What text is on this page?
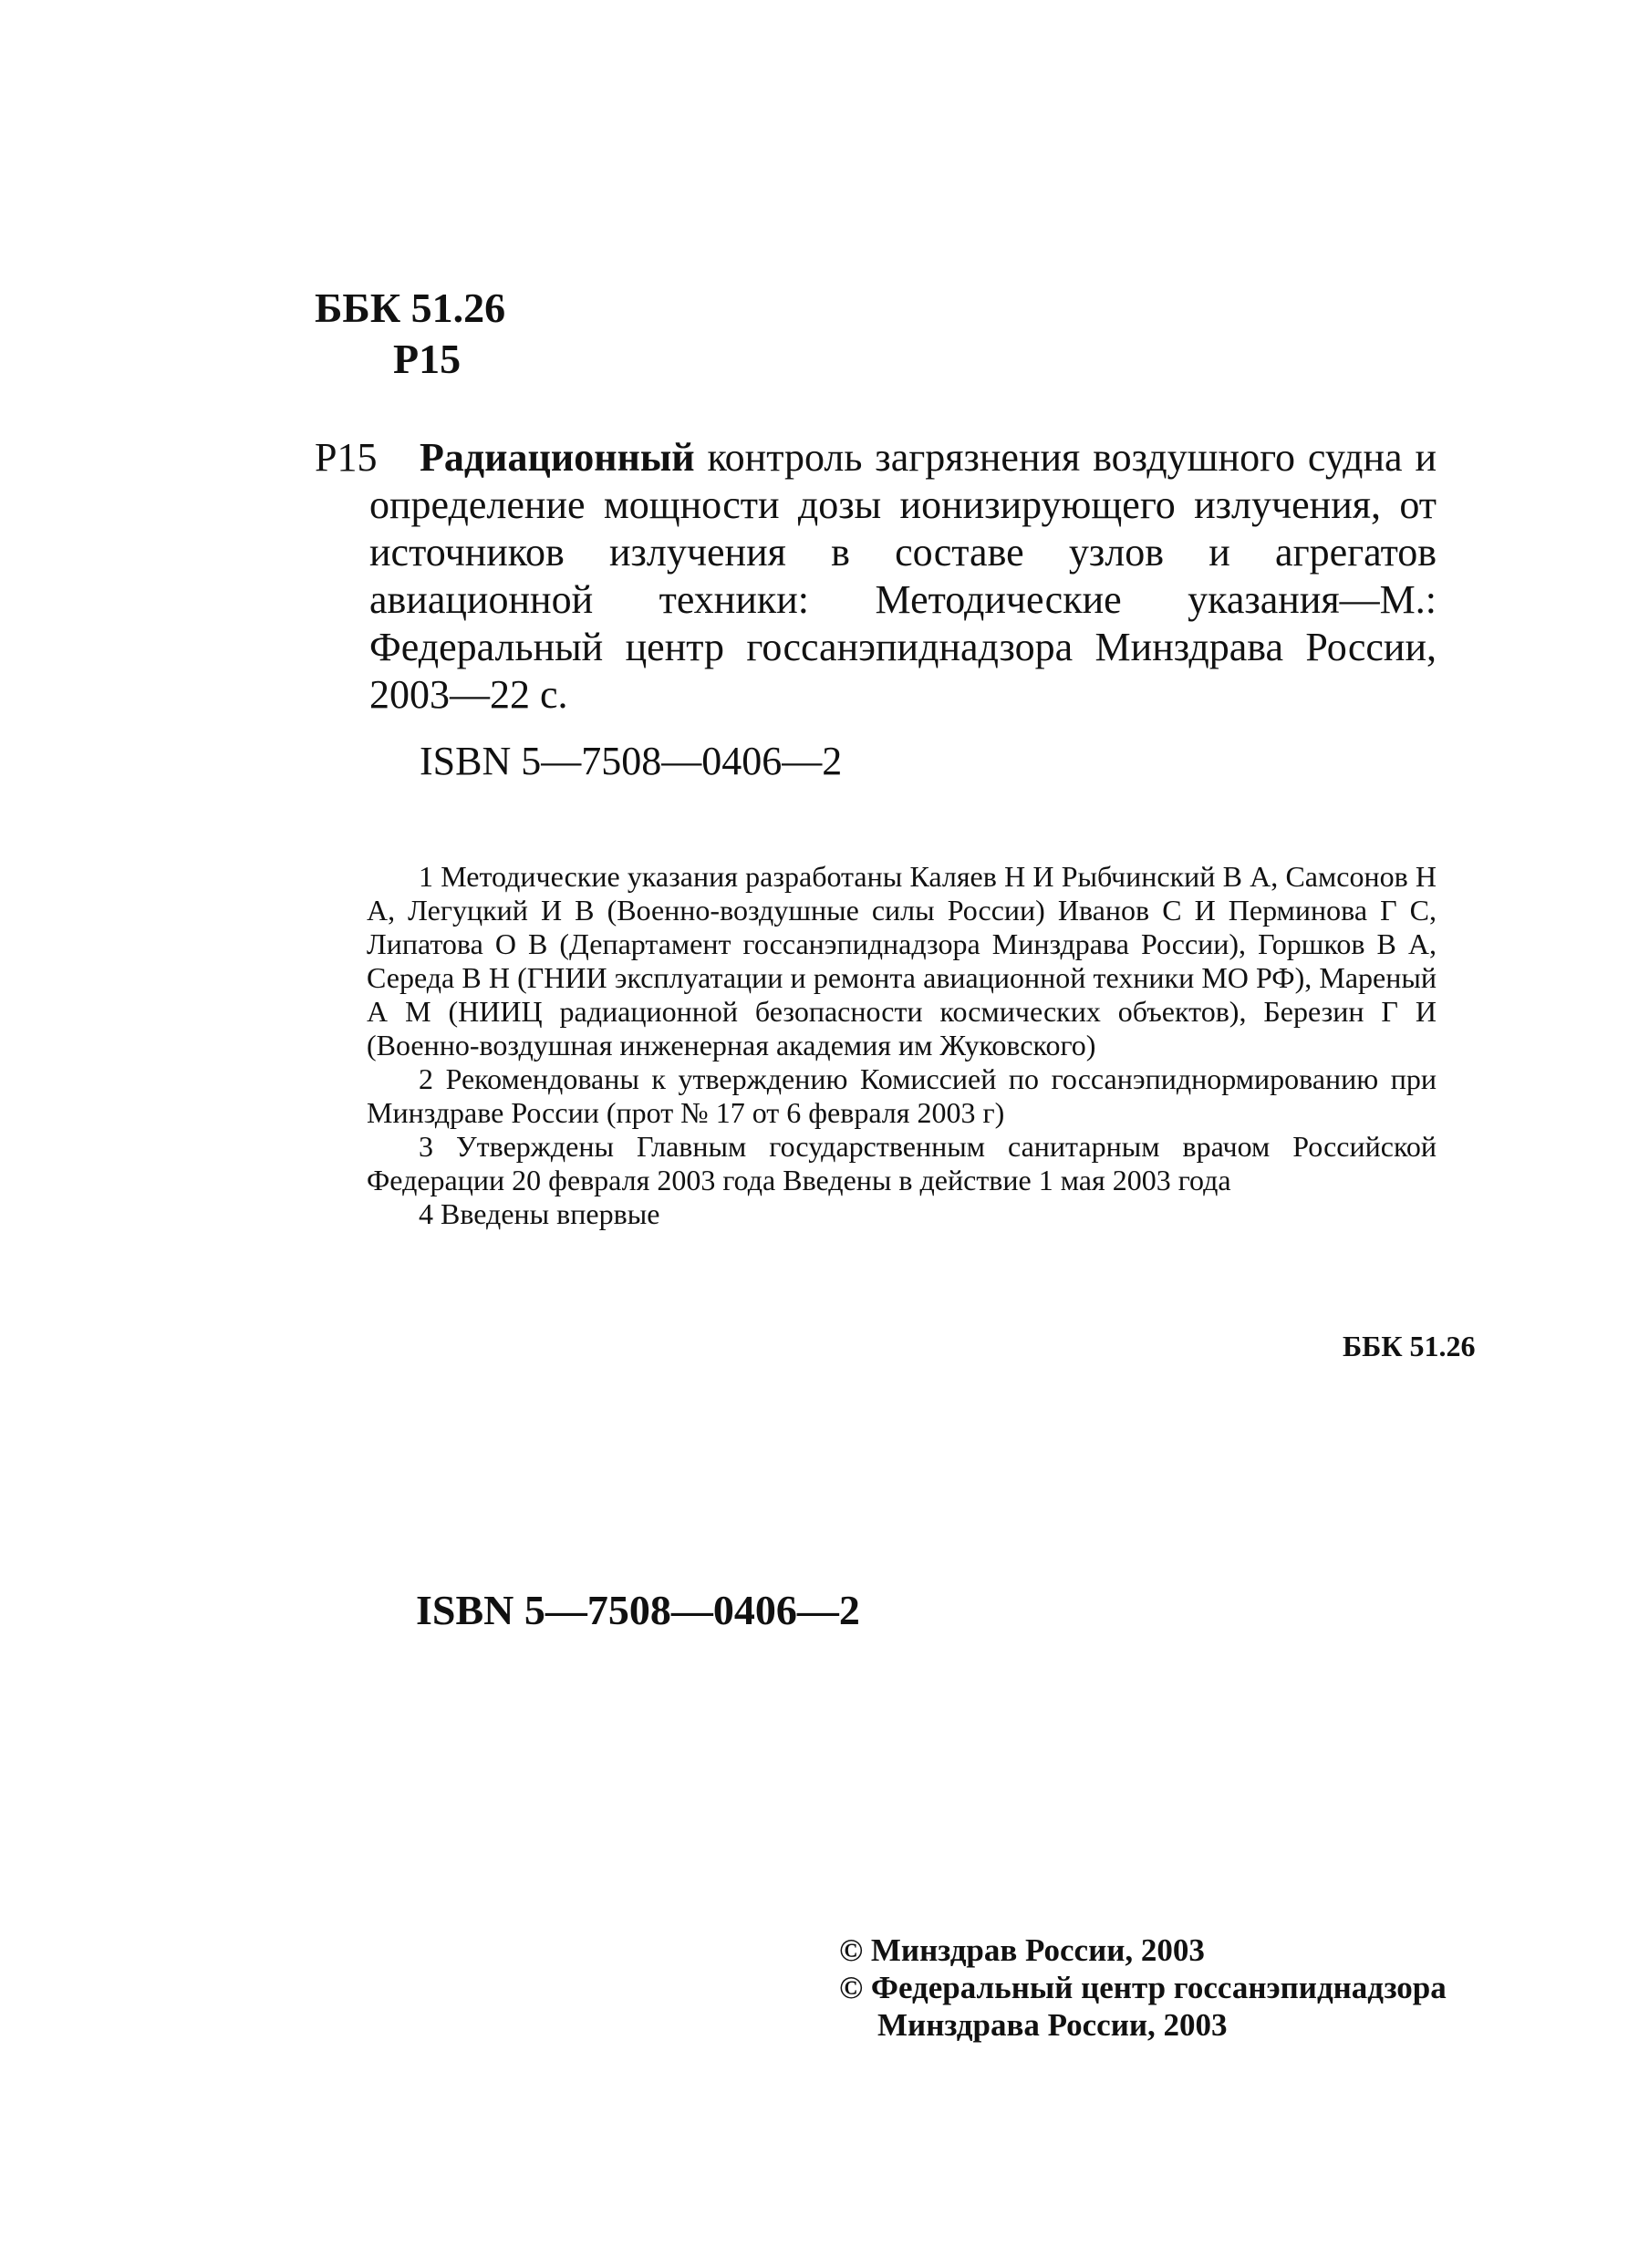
ББК 51.26
Р15
Р15	Радиационный контроль загрязнения воздушного судна и определение мощности дозы ионизирующего излучения, от источников излучения в составе узлов и агрегатов авиационной техники: Методические указания—М.: Федеральный центр госсанэпиднадзора Минздрава России, 2003—22 с.
ISBN 5—7508—0406—2

1 Методические указания разработаны Каляев Н И Рыбчинский В А, Самсонов Н А, Легуцкий И В (Военно-воздушные силы России) Иванов С И Перминова Г С, Липатова О В (Департамент госсанэпиднадзора Минздрава России), Горшков В А, Середа В Н (ГНИИ эксплуатации и ремонта авиационной техники МО РФ), Мареный А М (НИИЦ радиационной безопасности космических объектов), Березин Г И (Военно-воздушная инженерная академия им Жуковского)

2 Рекомендованы к утверждению Комиссией по госсанэпиднормированию при Минздраве России (прот № 17 от 6 февраля 2003 г)

3 Утверждены Главным государственным санитарным врачом Российской Федерации 20 февраля 2003 года Введены в действие 1 мая 2003 года

4 Введены впервые

ББК 51.26
ISBN 5—7508—0406—2
© Минздрав России, 2003
© Федеральный центр госсанэпиднадзора
Минздрава России, 2003
